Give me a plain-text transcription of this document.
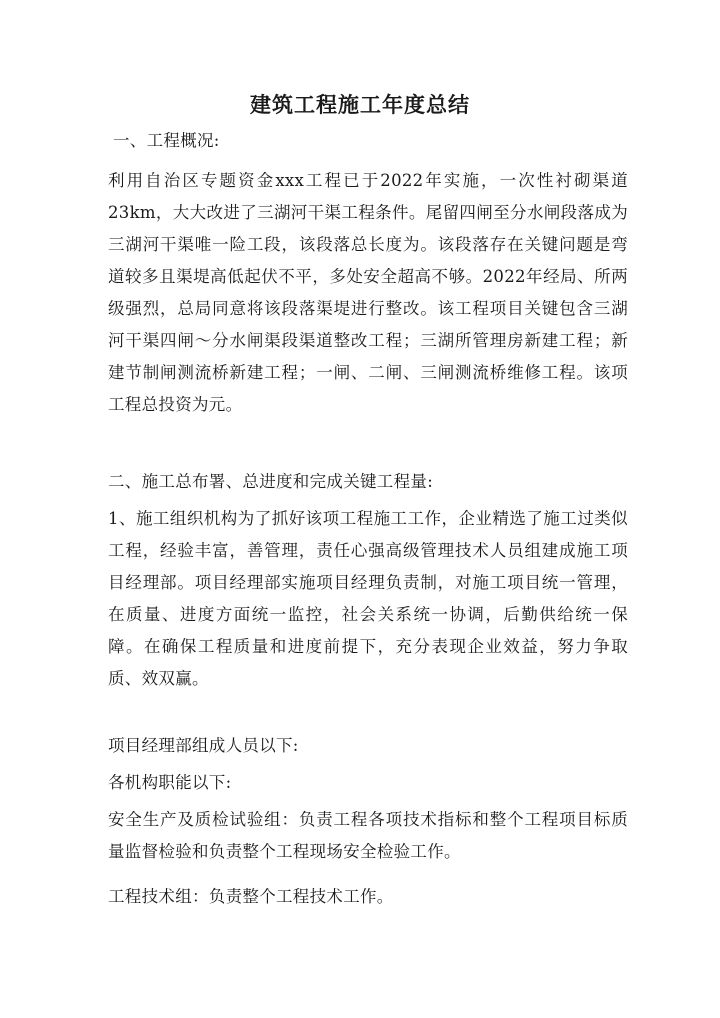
建筑工程施工年度总结
一、工程概况:
利用自治区专题资金xxx工程已于2022年实施，一次性衬砌渠道23km，大大改进了三湖河干渠工程条件。尾留四闸至分水闸段落成为三湖河干渠唯一险工段，该段落总长度为。该段落存在关键问题是弯道较多且渠堤高低起伏不平，多处安全超高不够。2022年经局、所两级强烈，总局同意将该段落渠堤进行整改。该工程项目关键包含三湖河干渠四闸～分水闸渠段渠道整改工程；三湖所管理房新建工程；新建节制闸测流桥新建工程；一闸、二闸、三闸测流桥维修工程。该项工程总投资为元。
二、施工总布署、总进度和完成关键工程量:
1、施工组织机构为了抓好该项工程施工工作，企业精选了施工过类似工程，经验丰富，善管理，责任心强高级管理技术人员组建成施工项目经理部。项目经理部实施项目经理负责制，对施工项目统一管理，在质量、进度方面统一监控，社会关系统一协调，后勤供给统一保障。在确保工程质量和进度前提下，充分表现企业效益，努力争取质、效双赢。
项目经理部组成人员以下:
各机构职能以下:
安全生产及质检试验组：负责工程各项技术指标和整个工程项目标质量监督检验和负责整个工程现场安全检验工作。
工程技术组：负责整个工程技术工作。
